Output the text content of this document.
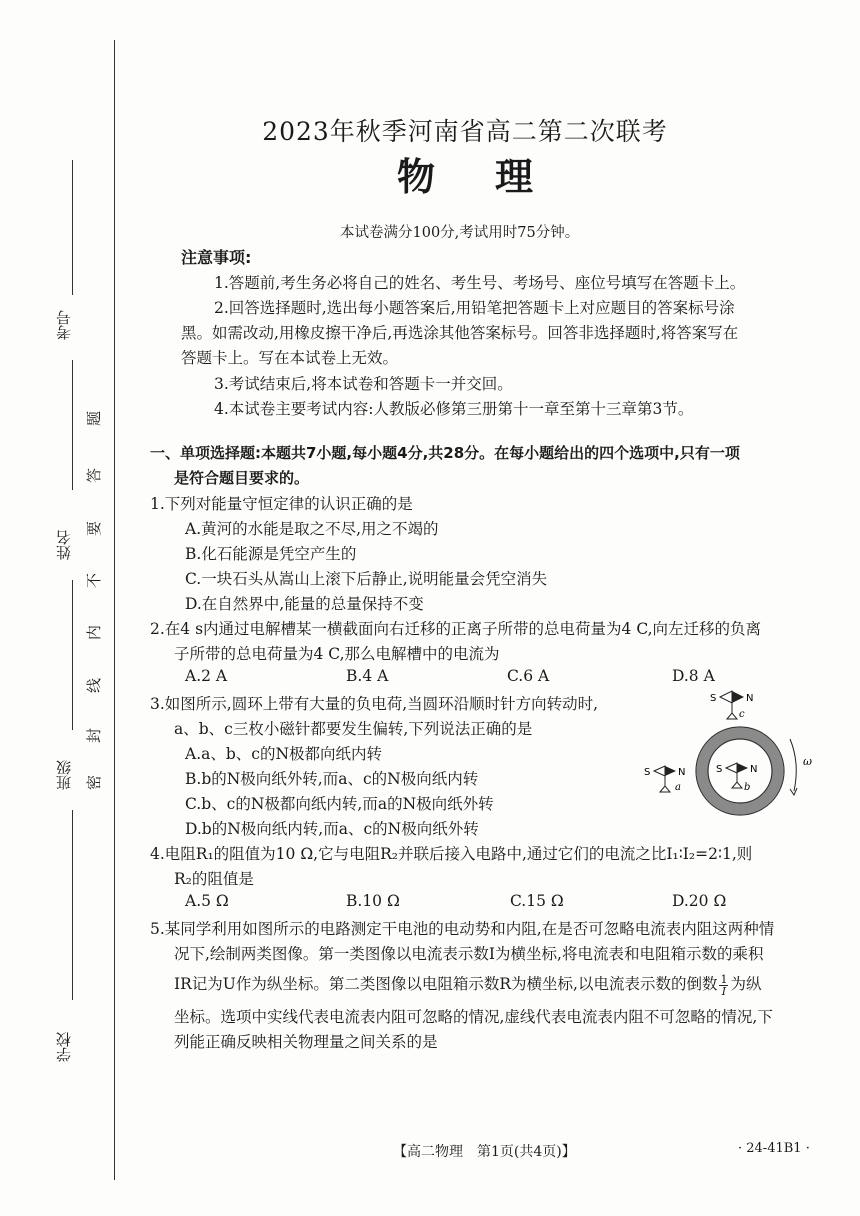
考号
姓名
班级
学校
题
答
要
不
内
线
封
密
2023年秋季河南省高二第二次联考
物理
本试卷满分100分,考试用时75分钟。
注意事项:
1.答题前,考生务必将自己的姓名、考生号、考场号、座位号填写在答题卡上。
2.回答选择题时,选出每小题答案后,用铅笔把答题卡上对应题目的答案标号涂
黑。如需改动,用橡皮擦干净后,再选涂其他答案标号。回答非选择题时,将答案写在
答题卡上。写在本试卷上无效。
3.考试结束后,将本试卷和答题卡一并交回。
4.本试卷主要考试内容:人教版必修第三册第十一章至第十三章第3节。
一、单项选择题:本题共7小题,每小题4分,共28分。在每小题给出的四个选项中,只有一项
是符合题目要求的。
1.下列对能量守恒定律的认识正确的是
A.黄河的水能是取之不尽,用之不竭的
B.化石能源是凭空产生的
C.一块石头从嵩山上滚下后静止,说明能量会凭空消失
D.在自然界中,能量的总量保持不变
2.在4 s内通过电解槽某一横截面向右迁移的正离子所带的总电荷量为4 C,向左迁移的负离
子所带的总电荷量为4 C,那么电解槽中的电流为
A.2 A	B.4 A	C.6 A	D.8 A
3.如图所示,圆环上带有大量的负电荷,当圆环沿顺时针方向转动时,
a、b、c三枚小磁针都要发生偏转,下列说法正确的是
A.a、b、c的N极都向纸内转
B.b的N极向纸外转,而a、c的N极向纸内转
C.b、c的N极都向纸内转,而a的N极向纸外转
D.b的N极向纸内转,而a、c的N极向纸外转
ω
S	N
c
S	N
b
S	N
a
4.电阻R₁的阻值为10 Ω,它与电阻R₂并联后接入电路中,通过它们的电流之比I₁∶I₂=2∶1,则
R₂的阻值是
A.5 Ω	B.10 Ω	C.15 Ω	D.20 Ω
5.某同学利用如图所示的电路测定干电池的电动势和内阻,在是否可忽略电流表内阻这两种情
况下,绘制两类图像。第一类图像以电流表示数I为横坐标,将电流表和电阻箱示数的乘积
IR记为U作为纵坐标。第二类图像以电阻箱示数R为横坐标,以电流表示数的倒数 $\frac{1}{I}$ 为纵
坐标。选项中实线代表电流表内阻可忽略的情况,虚线代表电流表内阻不可忽略的情况,下
列能正确反映相关物理量之间关系的是
【高二物理　第1页(共4页)】	· 24-41B1 ·
